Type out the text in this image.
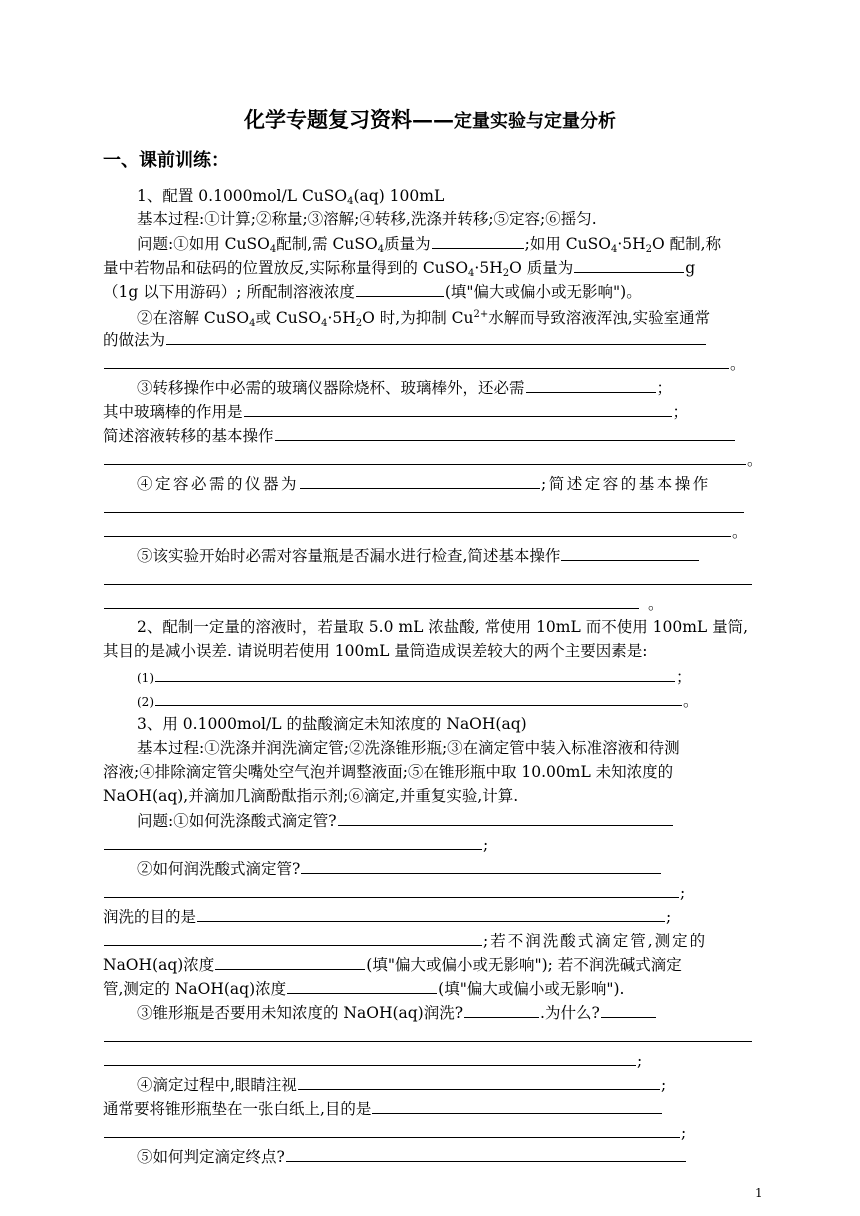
化学专题复习资料——定量实验与定量分析
一、课前训练：

1、配置 0.1000mol/L CuSO$_4$(aq) 100mL

基本过程:①计算;②称量;③溶解;④转移,洗涤并转移;⑤定容;⑥摇匀.

问题:①如用 CuSO$_4$配制,需 CuSO$_4$质量为	;如用 $CuSO_4\cdot 5H_2O$ 配制,称

量中若物品和砝码的位置放反,实际称量得到的 $CuSO_4\cdot 5H_2O$ 质量为	g

（1g 以下用游码）; 所配制溶液浓度	(填"偏大或偏小或无影响")。

②在溶解 CuSO$_4$或 $CuSO_4\cdot 5H_2O$ 时,为抑制 $Cu^{2+}$水解而导致溶液浑浊,实验室通常

的做法为

。

③转移操作中必需的玻璃仪器除烧杯、玻璃棒外，还必需	；

其中玻璃棒的作用是	；

简述溶液转移的基本操作

。

④定容必需的仪器为	;简述定容的基本操作

。

⑤该实验开始时必需对容量瓶是否漏水进行检查,简述基本操作

。

2、配制一定量的溶液时，若量取 5.0 mL 浓盐酸, 常使用 10mL 而不使用 100mL 量筒,

其目的是减小误差. 请说明若使用 100mL 量筒造成误差较大的两个主要因素是:

(1)	；

(2)	。

3、用 0.1000mol/L 的盐酸滴定未知浓度的 NaOH(aq)

基本过程:①洗涤并润洗滴定管;②洗涤锥形瓶;③在滴定管中装入标准溶液和待测

溶液;④排除滴定管尖嘴处空气泡并调整液面;⑤在锥形瓶中取 10.00mL 未知浓度的

NaOH(aq),并滴加几滴酚酞指示剂;⑥滴定,并重复实验,计算.

问题:①如何洗涤酸式滴定管?

;

②如何润洗酸式滴定管?

;

润洗的目的是	;

;若不润洗酸式滴定管,测定的

NaOH(aq)浓度	(填"偏大或偏小或无影响"); 若不润洗碱式滴定

管,测定的 NaOH(aq)浓度	(填"偏大或偏小或无影响").

③锥形瓶是否要用未知浓度的 NaOH(aq)润洗?	.为什么?

;

④滴定过程中,眼睛注视	;

通常要将锥形瓶垫在一张白纸上,目的是

;

⑤如何判定滴定终点?

1
